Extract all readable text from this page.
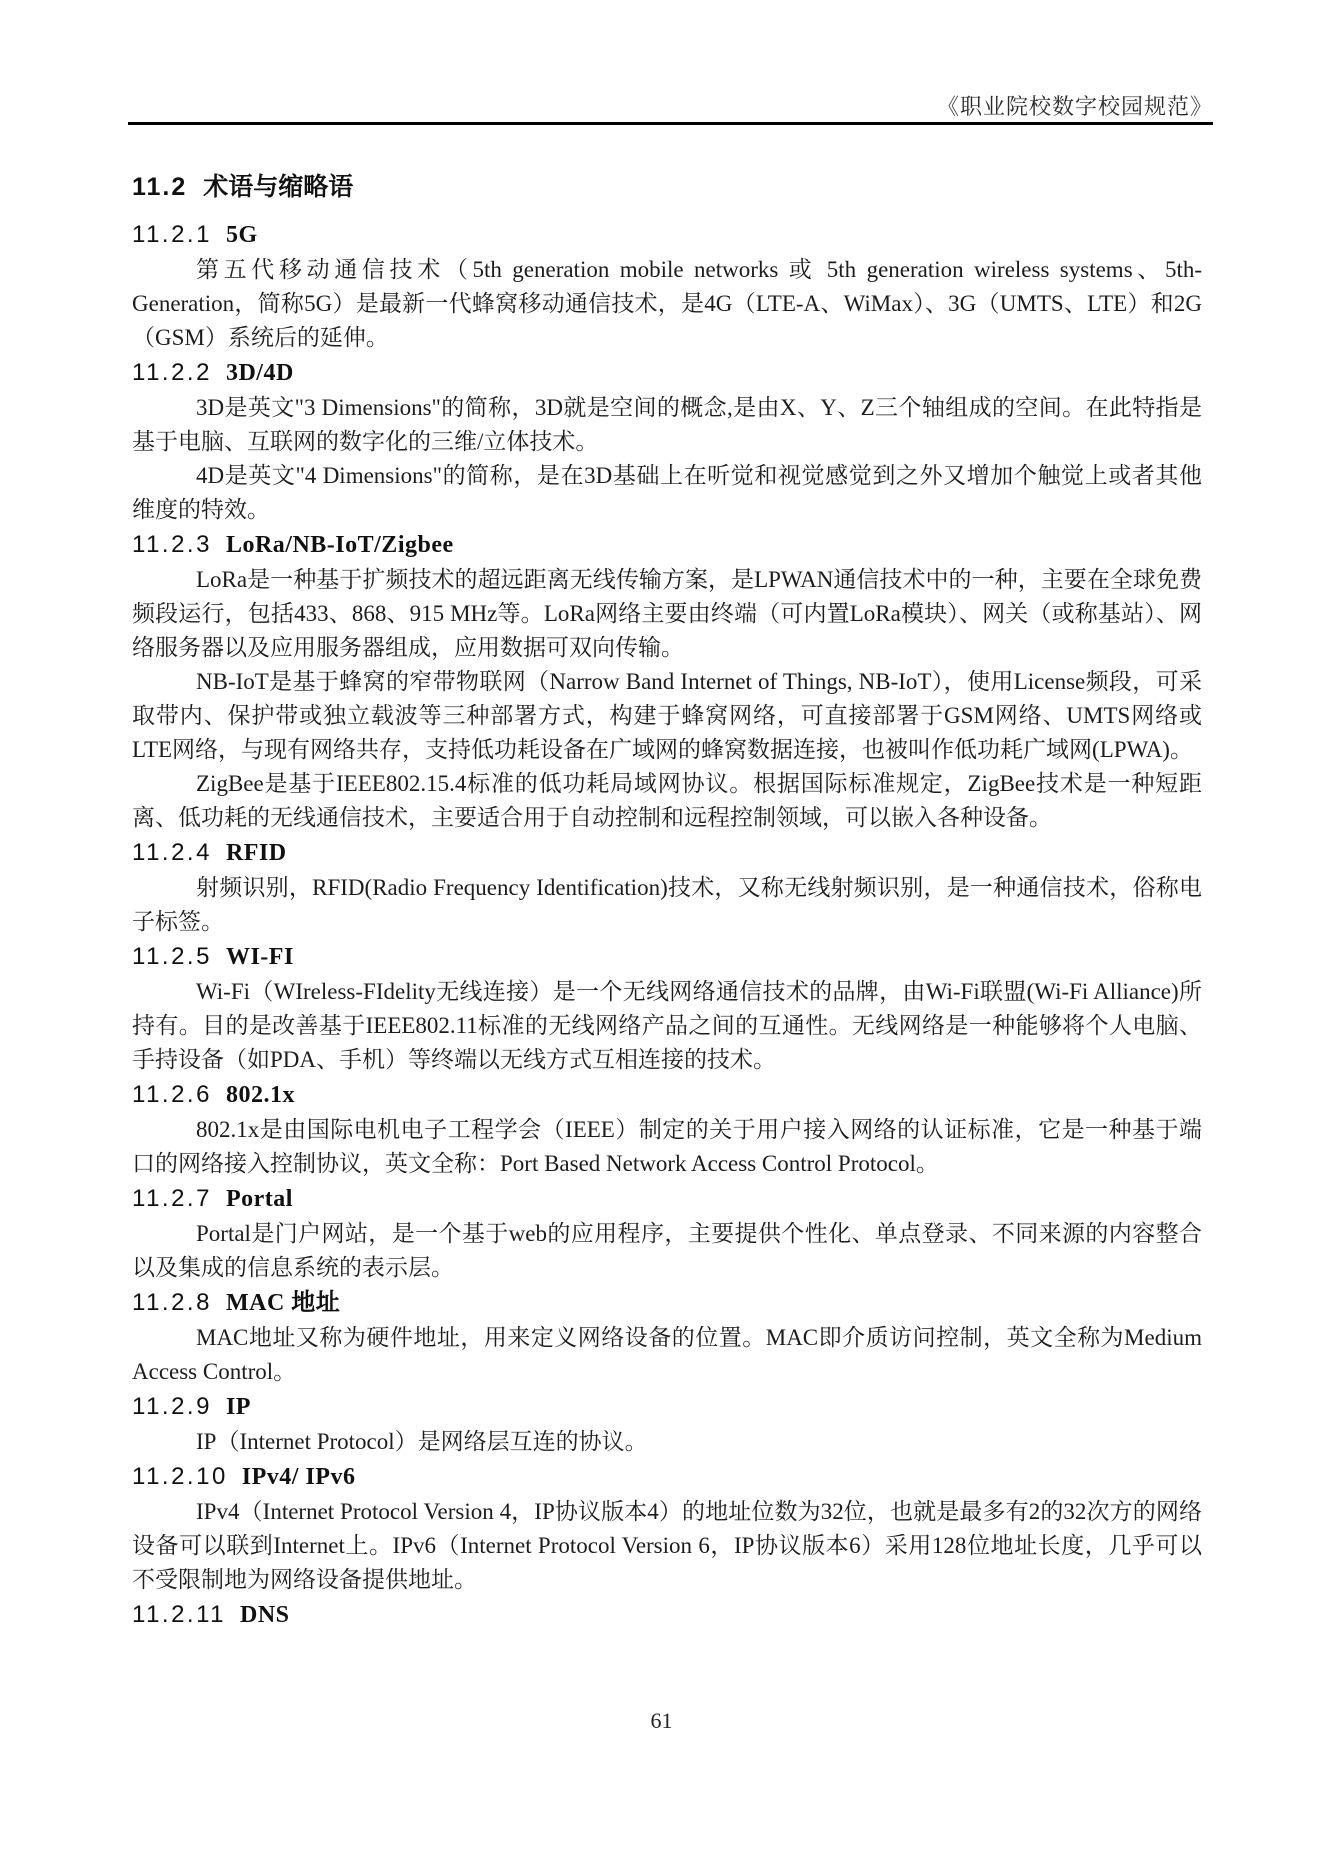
《职业院校数字校园规范》
11.2 术语与缩略语
11.2.1 5G

第五代移动通信技术（5th generation mobile networks 或 5th generation wireless systems、5th-Generation，简称5G）是最新一代蜂窝移动通信技术，是4G（LTE-A、WiMax）、3G（UMTS、LTE）和2G（GSM）系统后的延伸。

11.2.2 3D/4D

3D是英文"3 Dimensions"的简称，3D就是空间的概念,是由X、Y、Z三个轴组成的空间。在此特指是基于电脑、互联网的数字化的三维/立体技术。

4D是英文"4 Dimensions"的简称，是在3D基础上在听觉和视觉感觉到之外又增加个触觉上或者其他维度的特效。

11.2.3 LoRa/NB-IoT/Zigbee

LoRa是一种基于扩频技术的超远距离无线传输方案，是LPWAN通信技术中的一种，主要在全球免费频段运行，包括433、868、915 MHz等。LoRa网络主要由终端（可内置LoRa模块）、网关（或称基站）、网络服务器以及应用服务器组成，应用数据可双向传输。

NB-IoT是基于蜂窝的窄带物联网（Narrow Band Internet of Things, NB-IoT），使用License频段，可采取带内、保护带或独立载波等三种部署方式，构建于蜂窝网络，可直接部署于GSM网络、UMTS网络或LTE网络，与现有网络共存，支持低功耗设备在广域网的蜂窝数据连接，也被叫作低功耗广域网(LPWA)。

ZigBee是基于IEEE802.15.4标准的低功耗局域网协议。根据国际标准规定，ZigBee技术是一种短距离、低功耗的无线通信技术，主要适合用于自动控制和远程控制领域，可以嵌入各种设备。

11.2.4 RFID

射频识别，RFID(Radio Frequency Identification)技术，又称无线射频识别，是一种通信技术，俗称电子标签。

11.2.5 WI-FI

Wi-Fi（WIreless-FIdelity无线连接）是一个无线网络通信技术的品牌，由Wi-Fi联盟(Wi-Fi Alliance)所持有。目的是改善基于IEEE802.11标准的无线网络产品之间的互通性。无线网络是一种能够将个人电脑、手持设备（如PDA、手机）等终端以无线方式互相连接的技术。

11.2.6 802.1x

802.1x是由国际电机电子工程学会（IEEE）制定的关于用户接入网络的认证标准，它是一种基于端口的网络接入控制协议，英文全称：Port Based Network Access Control Protocol。

11.2.7 Portal

Portal是门户网站，是一个基于web的应用程序，主要提供个性化、单点登录、不同来源的内容整合以及集成的信息系统的表示层。

11.2.8 MAC 地址

MAC地址又称为硬件地址，用来定义网络设备的位置。MAC即介质访问控制，英文全称为Medium Access Control。

11.2.9 IP

IP（Internet Protocol）是网络层互连的协议。

11.2.10 IPv4/ IPv6

IPv4（Internet Protocol Version 4，IP协议版本4）的地址位数为32位，也就是最多有2的32次方的网络设备可以联到Internet上。IPv6（Internet Protocol Version 6，IP协议版本6）采用128位地址长度，几乎可以不受限制地为网络设备提供地址。

11.2.11 DNS
61
